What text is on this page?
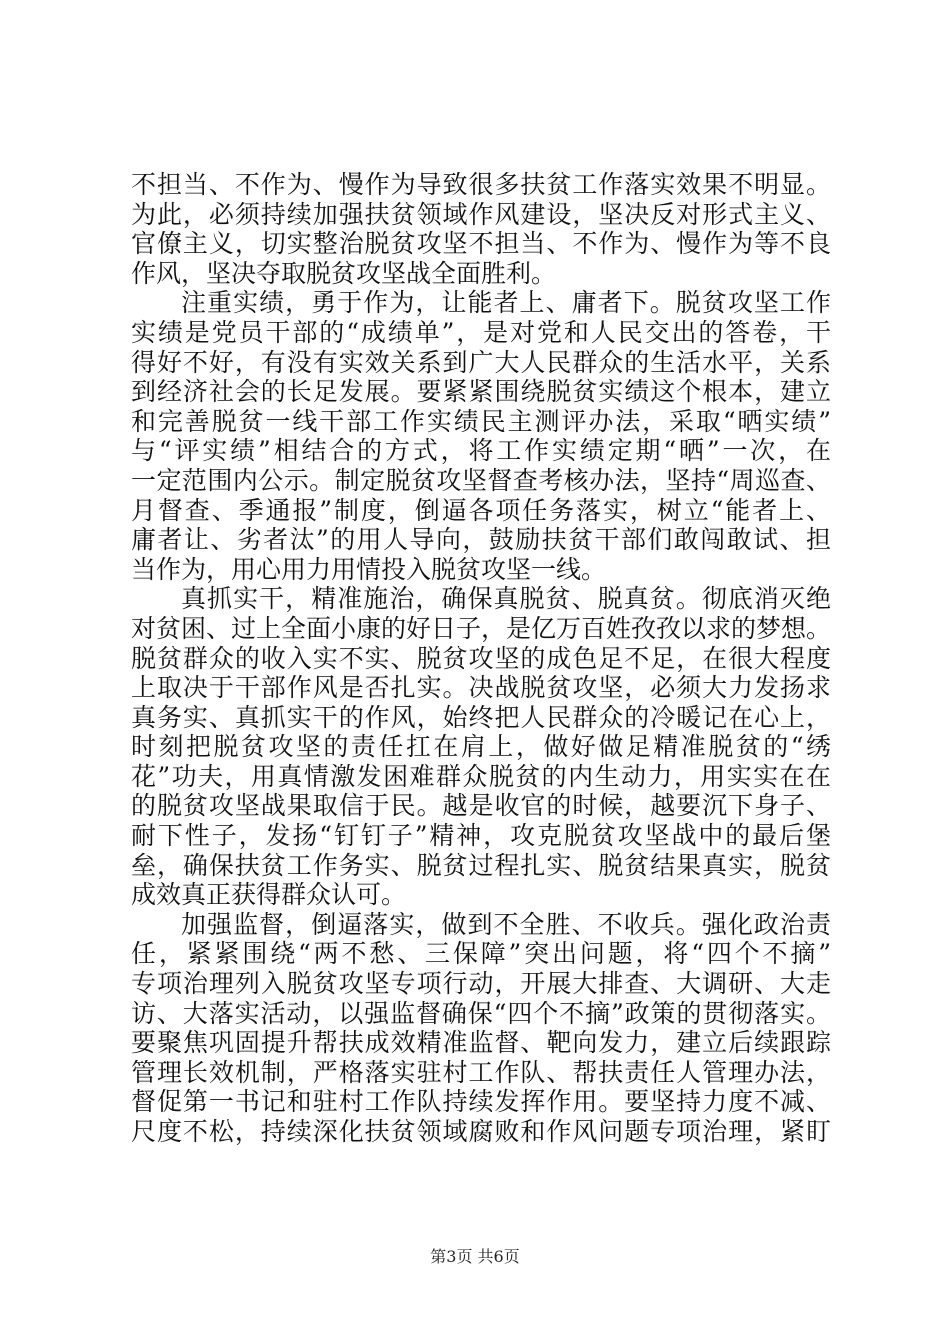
不担当、不作为、慢作为导致很多扶贫工作落实效果不明显。
为此，必须持续加强扶贫领域作风建设，坚决反对形式主义、
官僚主义，切实整治脱贫攻坚不担当、不作为、慢作为等不良
作风，坚决夺取脱贫攻坚战全面胜利。
注重实绩，勇于作为，让能者上、庸者下。脱贫攻坚工作
实绩是党员干部的“成绩单”，是对党和人民交出的答卷，干
得好不好，有没有实效关系到广大人民群众的生活水平，关系
到经济社会的长足发展。要紧紧围绕脱贫实绩这个根本，建立
和完善脱贫一线干部工作实绩民主测评办法，采取“晒实绩”
与“评实绩”相结合的方式，将工作实绩定期“晒”一次，在
一定范围内公示。制定脱贫攻坚督查考核办法，坚持“周巡查、
月督查、季通报”制度，倒逼各项任务落实，树立“能者上、
庸者让、劣者汰”的用人导向，鼓励扶贫干部们敢闯敢试、担
当作为，用心用力用情投入脱贫攻坚一线。
真抓实干，精准施治，确保真脱贫、脱真贫。彻底消灭绝
对贫困、过上全面小康的好日子，是亿万百姓孜孜以求的梦想。
脱贫群众的收入实不实、脱贫攻坚的成色足不足，在很大程度
上取决于干部作风是否扎实。决战脱贫攻坚，必须大力发扬求
真务实、真抓实干的作风，始终把人民群众的冷暖记在心上，
时刻把脱贫攻坚的责任扛在肩上，做好做足精准脱贫的“绣
花”功夫，用真情激发困难群众脱贫的内生动力，用实实在在
的脱贫攻坚战果取信于民。越是收官的时候，越要沉下身子、
耐下性子，发扬“钉钉子”精神，攻克脱贫攻坚战中的最后堡
垒，确保扶贫工作务实、脱贫过程扎实、脱贫结果真实，脱贫
成效真正获得群众认可。
加强监督，倒逼落实，做到不全胜、不收兵。强化政治责
任，紧紧围绕“两不愁、三保障”突出问题，将“四个不摘”
专项治理列入脱贫攻坚专项行动，开展大排查、大调研、大走
访、大落实活动，以强监督确保“四个不摘”政策的贯彻落实。
要聚焦巩固提升帮扶成效精准监督、靶向发力，建立后续跟踪
管理长效机制，严格落实驻村工作队、帮扶责任人管理办法，
督促第一书记和驻村工作队持续发挥作用。要坚持力度不减、
尺度不松，持续深化扶贫领域腐败和作风问题专项治理，紧盯
第3页 共6页
